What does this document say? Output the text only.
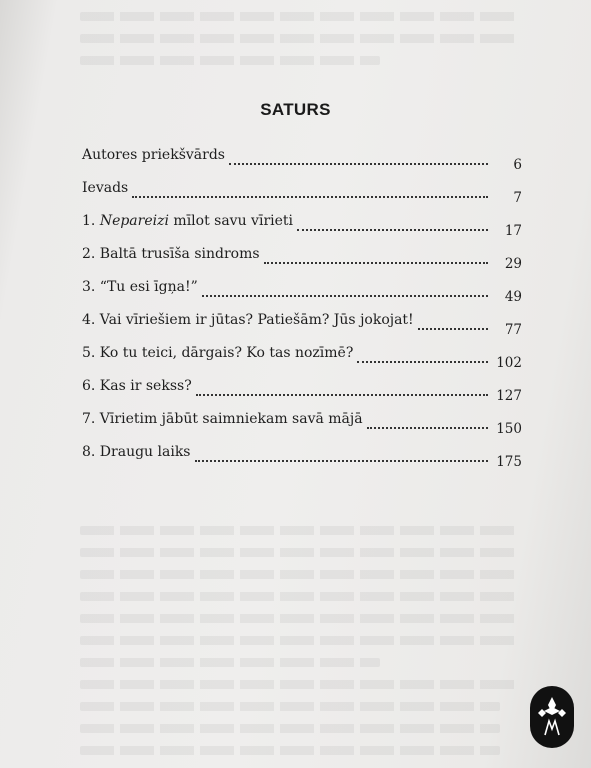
SATURS
Autores priekšvārds
6
Ievads
7
1. Nepareizi mīlot savu vīrieti
17
2. Baltā trusīša sindroms
29
3. “Tu esi īgņa!”
49
4. Vai vīriešiem ir jūtas? Patiešām? Jūs jokojat!
77
5. Ko tu teici, dārgais? Ko tas nozīmē?
102
6. Kas ir sekss?
127
7. Vīrietim jābūt saimniekam savā mājā
150
8. Draugu laiks
175
